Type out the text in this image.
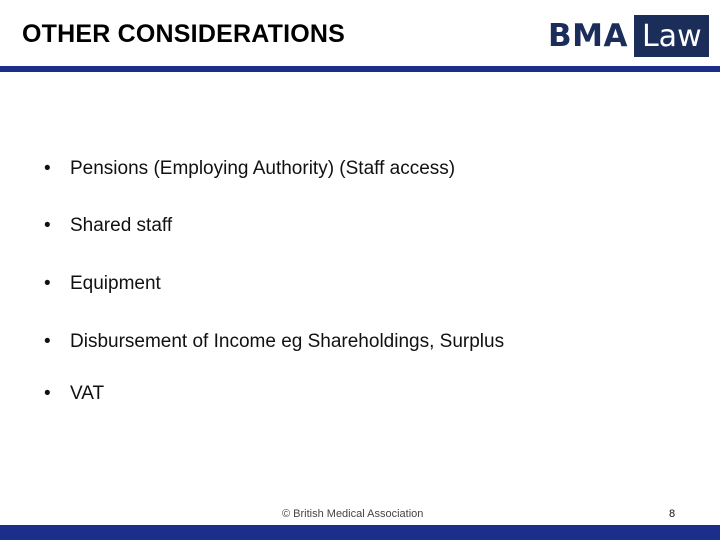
OTHER CONSIDERATIONS	BMA Law
•	Pensions (Employing Authority) (Staff access)
•	Shared staff
•	Equipment
•	Disbursement of Income eg Shareholdings, Surplus
•	VAT
© British Medical Association	8
